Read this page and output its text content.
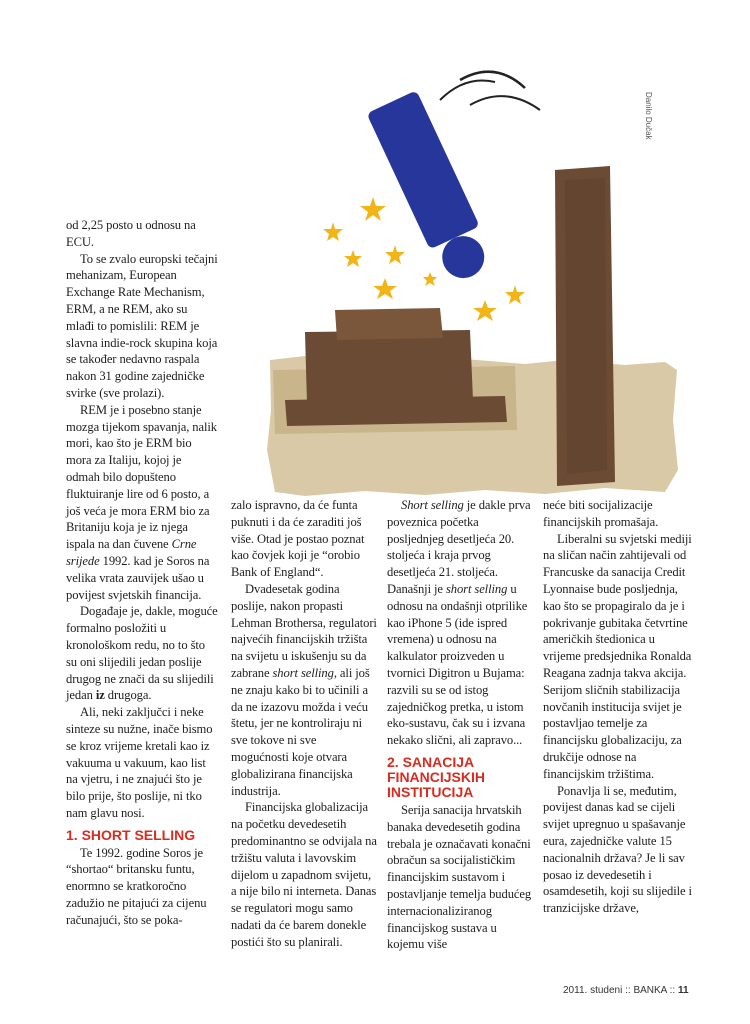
Danilo Dučak

od 2,25 posto u odnosu na ECU.

To se zvalo europski tečajni mehanizam, European Exchange Rate Mechanism, ERM, a ne REM, ako su mlađi to pomislili: REM je slavna indie-rock skupina koja se također nedavno raspala nakon 31 godine zajedničke svirke (sve prolazi).

REM je i posebno stanje mozga tijekom spavanja, nalik mori, kao što je ERM bio mora za Italiju, kojoj je odmah bilo dopušteno fluktuiranje lire od 6 posto, a još veća je mora ERM bio za Britaniju koja je iz njega ispala na dan čuvene Crne srijede 1992. kad je Soros na velika vrata zauvijek ušao u povijest svjetskih financija.

Događaje je, dakle, moguće formalno posložiti u kronološkom redu, no to što su oni slijedili jedan poslije drugog ne znači da su slijedili jedan iz drugoga.

Ali, neki zaključci i neke sinteze su nužne, inače bismo se kroz vrijeme kretali kao iz vakuuma u vakuum, kao list na vjetru, i ne znajući što je bilo prije, što poslije, ni tko nam glavu nosi.

1. SHORT SELLING

Te 1992. godine Soros je “shortao“ britansku funtu, enormno se kratkoročno zadužio ne pitajući za cijenu računajući, što se poka-

zalo ispravno, da će funta puknuti i da će zaraditi još više. Otad je postao poznat kao čovjek koji je “orobio Bank of England“.

Dvadesetak godina poslije, nakon propasti Lehman Brothersa, regulatori najvećih financijskih tržišta na svijetu u iskušenju su da zabrane short selling, ali još ne znaju kako bi to učinili a da ne izazovu možda i veću štetu, jer ne kontroliraju ni sve tokove ni sve mogućnosti koje otvara globalizirana financijska industrija.

Financijska globalizacija na početku devedesetih predominantno se odvijala na tržištu valuta i lavovskim dijelom u zapadnom svijetu, a nije bilo ni interneta. Danas se regulatori mogu samo nadati da će barem donekle postići što su planirali.

Short selling je dakle prva poveznica početka posljednjeg desetljeća 20. stoljeća i kraja prvog desetljeća 21. stoljeća. Današnji je short selling u odnosu na ondašnji otprilike kao iPhone 5 (ide ispred vremena) u odnosu na kalkulator proizveden u tvornici Digitron u Bujama: razvili su se od istog zajedničkog pretka, u istom eko-sustavu, čak su i izvana nekako slični, ali zapravo...

2. SANACIJA FINANCIJSKIH INSTITUCIJA

Serija sanacija hrvatskih banaka devedesetih godina trebala je označavati konačni obračun sa socijalističkim financijskim sustavom i postavljanje temelja budućeg internacionaliziranog financijskog sustava u kojemu više

neće biti socijalizacije financijskih promašaja.

Liberalni su svjetski mediji na sličan način zahtijevali od Francuske da sanacija Credit Lyonnaise bude posljednja, kao što se propagiralo da je i pokrivanje gubitaka četvrtine američkih štedionica u vrijeme predsjednika Ronalda Reagana zadnja takva akcija. Serijom sličnih stabilizacija novčanih institucija svijet je postavljao temelje za financijsku globalizaciju, za drukčije odnose na financijskim tržištima.

Ponavlja li se, međutim, povijest danas kad se cijeli svijet upregnuo u spašavanje eura, zajedničke valute 15 nacionalnih država? Je li sav posao iz devedesetih i osamdesetih, koji su slijedile i tranzicijske države,

2011. studeni :: BANKA :: 11
